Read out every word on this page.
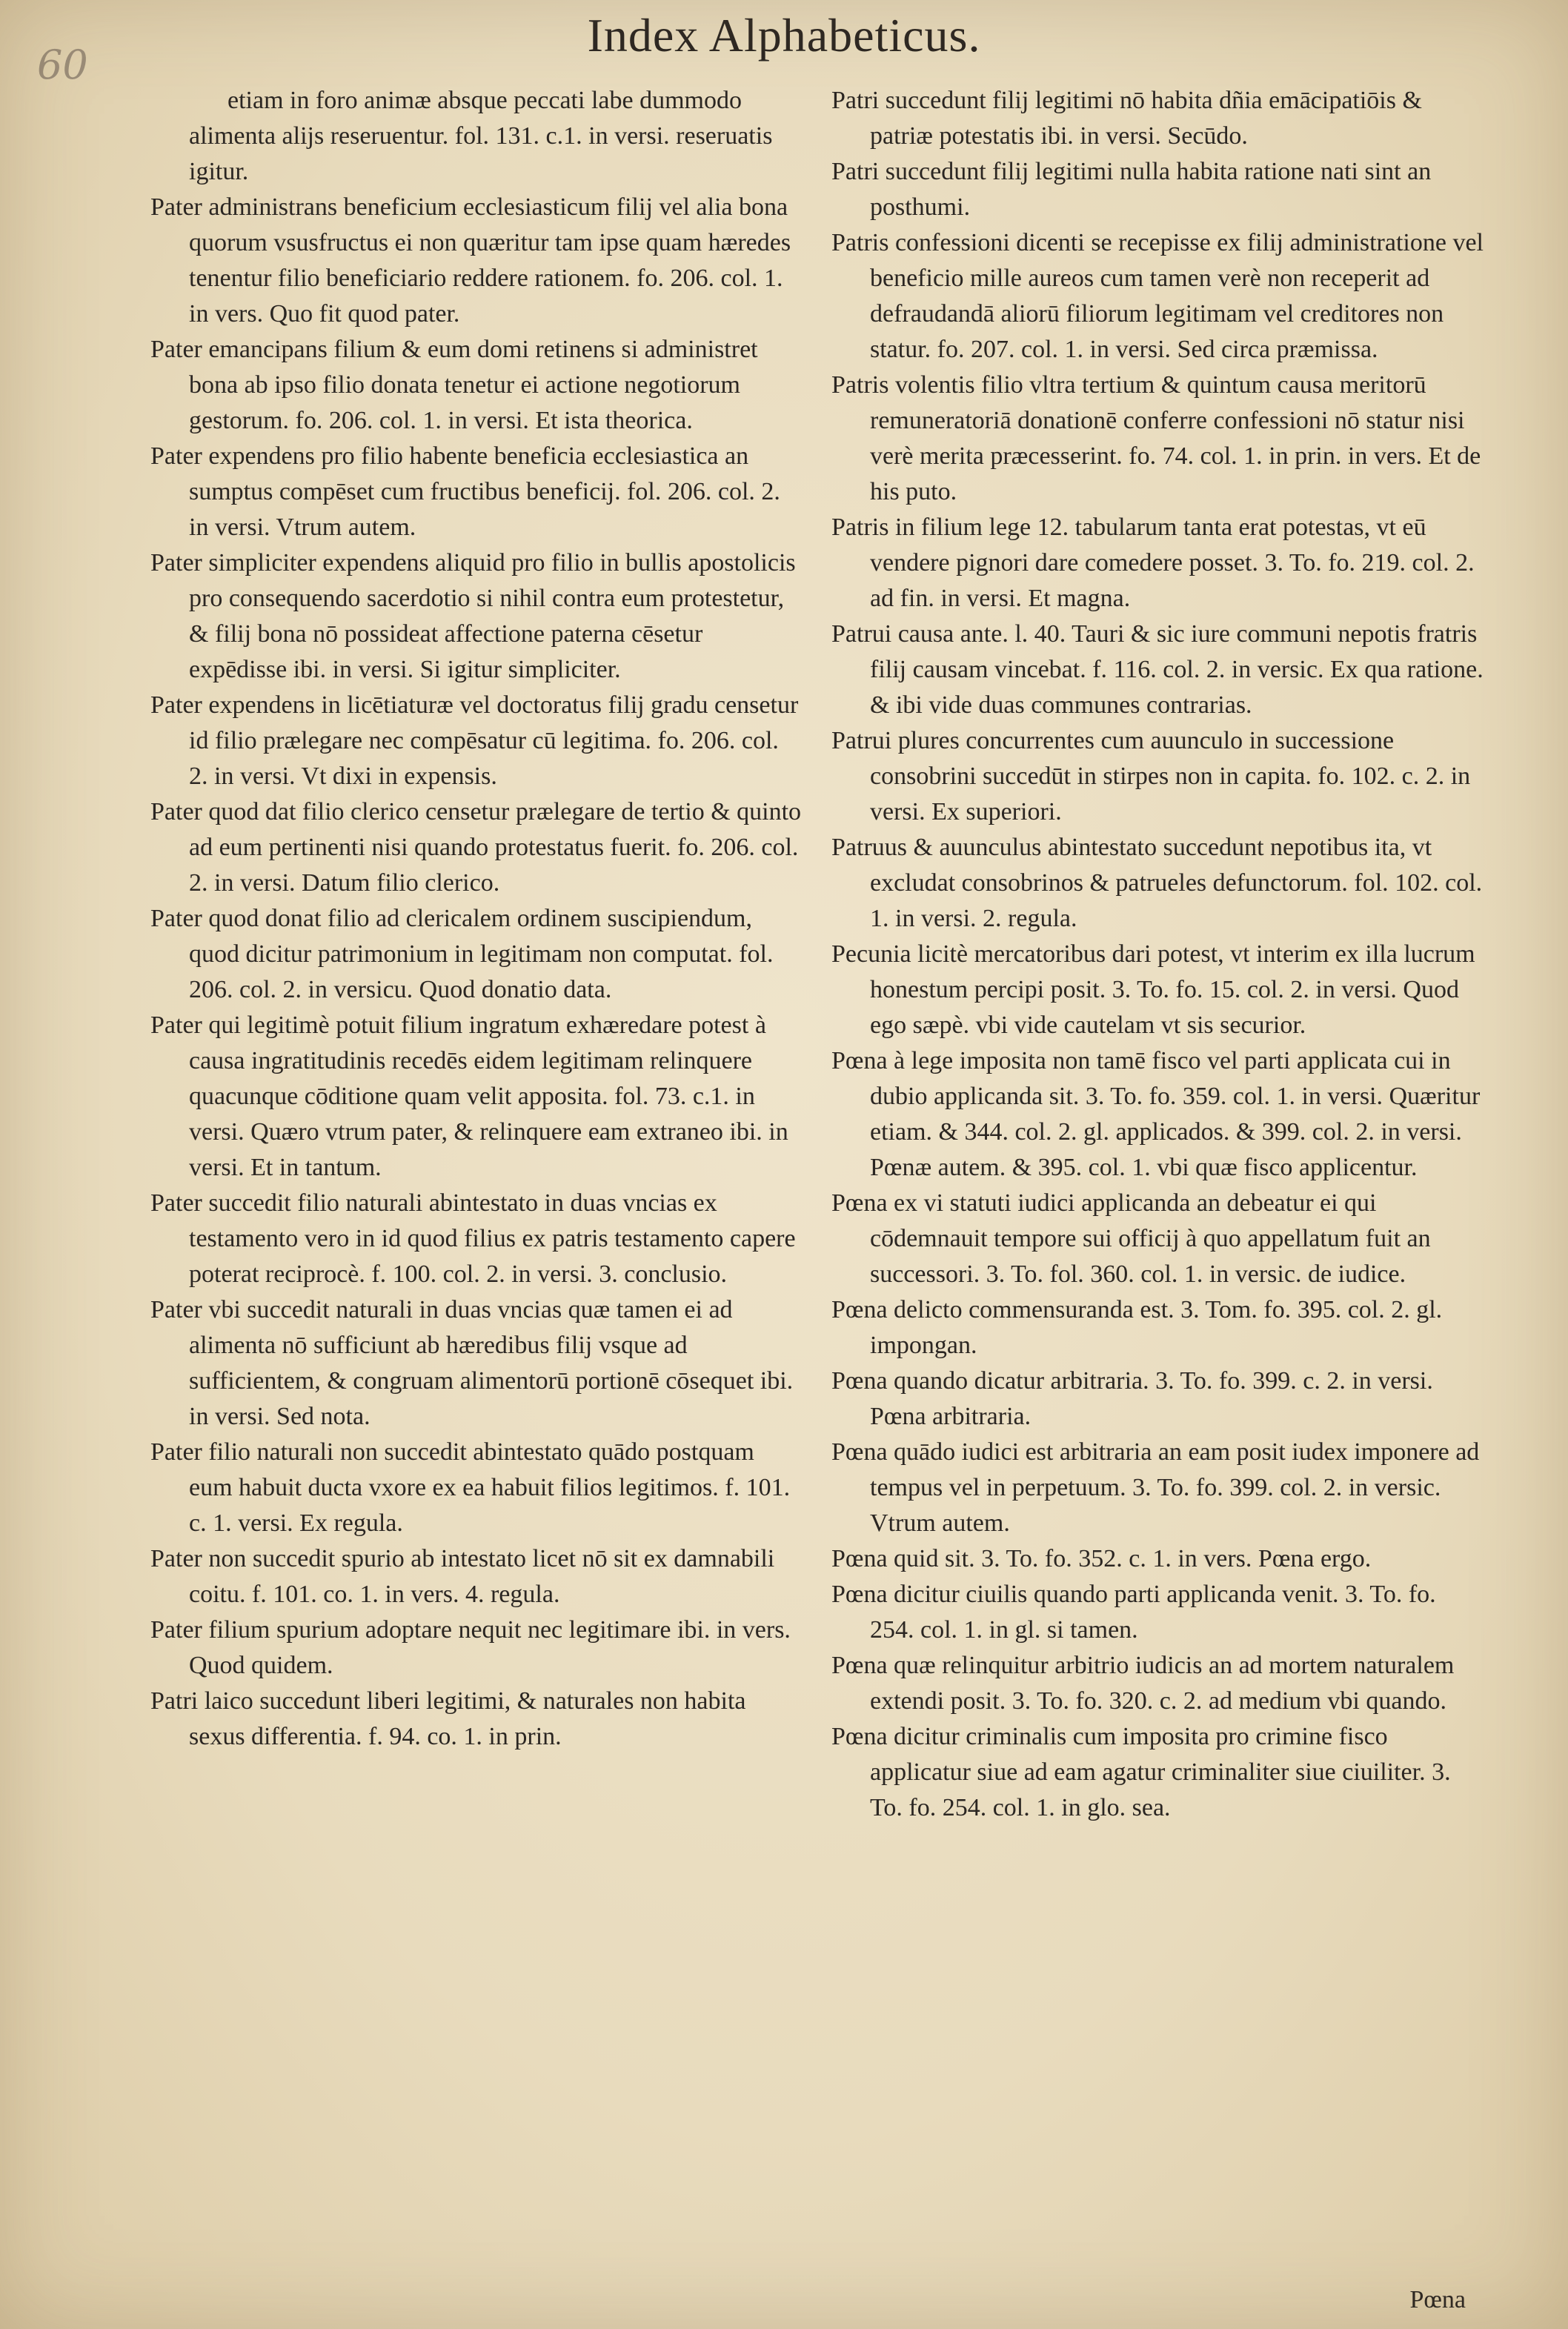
Index Alphabeticus.
60

etiam in foro animæ absque peccati labe dummodo alimenta alijs reseruentur. fol. 131. c.1. in versi. reseruatis igitur.

Pater administrans beneficium ecclesiasticum filij vel alia bona quorum vsusfructus ei non quæritur tam ipse quam hæredes tenentur filio beneficiario reddere rationem. fo. 206. col. 1. in vers. Quo fit quod pater.

Pater emancipans filium & eum domi retinens si administret bona ab ipso filio donata tenetur ei actione negotiorum gestorum. fo. 206. col. 1. in versi. Et ista theorica.

Pater expendens pro filio habente beneficia ecclesiastica an sumptus compēset cum fructibus beneficij. fol. 206. col. 2. in versi. Vtrum autem.

Pater simpliciter expendens aliquid pro filio in bullis apostolicis pro consequendo sacerdotio si nihil contra eum protestetur, & filij bona nō possideat affectione paterna cēsetur expēdisse ibi. in versi. Si igitur simpliciter.

Pater expendens in licētiaturæ vel doctoratus filij gradu censetur id filio prælegare nec compēsatur cū legitima. fo. 206. col. 2. in versi. Vt dixi in expensis.

Pater quod dat filio clerico censetur prælegare de tertio & quinto ad eum pertinenti nisi quando protestatus fuerit. fo. 206. col. 2. in versi. Datum filio clerico.

Pater quod donat filio ad clericalem ordinem suscipiendum, quod dicitur patrimonium in legitimam non computat. fol. 206. col. 2. in versicu. Quod donatio data.

Pater qui legitimè potuit filium ingratum exhæredare potest à causa ingratitudinis recedēs eidem legitimam relinquere quacunque cōditione quam velit apposita. fol. 73. c.1. in versi. Quæro vtrum pater, & relinquere eam extraneo ibi. in versi. Et in tantum.

Pater succedit filio naturali abintestato in duas vncias ex testamento vero in id quod filius ex patris testamento capere poterat reciprocè. f. 100. col. 2. in versi. 3. conclusio.

Pater vbi succedit naturali in duas vncias quæ tamen ei ad alimenta nō sufficiunt ab hæredibus filij vsque ad sufficientem, & congruam alimentorū portionē cōsequet ibi. in versi. Sed nota.

Pater filio naturali non succedit abintestato quādo postquam eum habuit ducta vxore ex ea habuit filios legitimos. f. 101. c. 1. versi. Ex regula.

Pater non succedit spurio ab intestato licet nō sit ex damnabili coitu. f. 101. co. 1. in vers. 4. regula.

Pater filium spurium adoptare nequit nec legitimare ibi. in vers. Quod quidem.

Patri laico succedunt liberi legitimi, & naturales non habita sexus differentia. f. 94. co. 1. in prin.

Patri succedunt filij legitimi nō habita dñia emācipatiōis & patriæ potestatis ibi. in versi. Secūdo.

Patri succedunt filij legitimi nulla habita ratione nati sint an posthumi.

Patris confessioni dicenti se recepisse ex filij administratione vel beneficio mille aureos cum tamen verè non receperit ad defraudandā aliorū filiorum legitimam vel creditores non statur. fo. 207. col. 1. in versi. Sed circa præmissa.

Patris volentis filio vltra tertium & quintum causa meritorū remuneratoriā donationē conferre confessioni nō statur nisi verè merita præcesserint. fo. 74. col. 1. in prin. in vers. Et de his puto.

Patris in filium lege 12. tabularum tanta erat potestas, vt eū vendere pignori dare comedere posset. 3. To. fo. 219. col. 2. ad fin. in versi. Et magna.

Patrui causa ante. l. 40. Tauri & sic iure communi nepotis fratris filij causam vincebat. f. 116. col. 2. in versic. Ex qua ratione. & ibi vide duas communes contrarias.

Patrui plures concurrentes cum auunculo in successione consobrini succedūt in stirpes non in capita. fo. 102. c. 2. in versi. Ex superiori.

Patruus & auunculus abintestato succedunt nepotibus ita, vt excludat consobrinos & patrueles defunctorum. fol. 102. col. 1. in versi. 2. regula.

Pecunia licitè mercatoribus dari potest, vt interim ex illa lucrum honestum percipi posit. 3. To. fo. 15. col. 2. in versi. Quod ego sæpè. vbi vide cautelam vt sis securior.

Pœna à lege imposita non tamē fisco vel parti applicata cui in dubio applicanda sit. 3. To. fo. 359. col. 1. in versi. Quæritur etiam. & 344. col. 2. gl. applicados. & 399. col. 2. in versi. Pœnæ autem. & 395. col. 1. vbi quæ fisco applicentur.

Pœna ex vi statuti iudici applicanda an debeatur ei qui cōdemnauit tempore sui officij à quo appellatum fuit an successori. 3. To. fol. 360. col. 1. in versic. de iudice.

Pœna delicto commensuranda est. 3. Tom. fo. 395. col. 2. gl. impongan.

Pœna quando dicatur arbitraria. 3. To. fo. 399. c. 2. in versi. Pœna arbitraria.

Pœna quādo iudici est arbitraria an eam posit iudex imponere ad tempus vel in perpetuum. 3. To. fo. 399. col. 2. in versic. Vtrum autem.

Pœna quid sit. 3. To. fo. 352. c. 1. in vers. Pœna ergo.

Pœna dicitur ciuilis quando parti applicanda venit. 3. To. fo. 254. col. 1. in gl. si tamen.

Pœna quæ relinquitur arbitrio iudicis an ad mortem naturalem extendi posit. 3. To. fo. 320. c. 2. ad medium vbi quando.

Pœna dicitur criminalis cum imposita pro crimine fisco applicatur siue ad eam agatur criminaliter siue ciuiliter. 3. To. fo. 254. col. 1. in glo. sea.

Pœna
